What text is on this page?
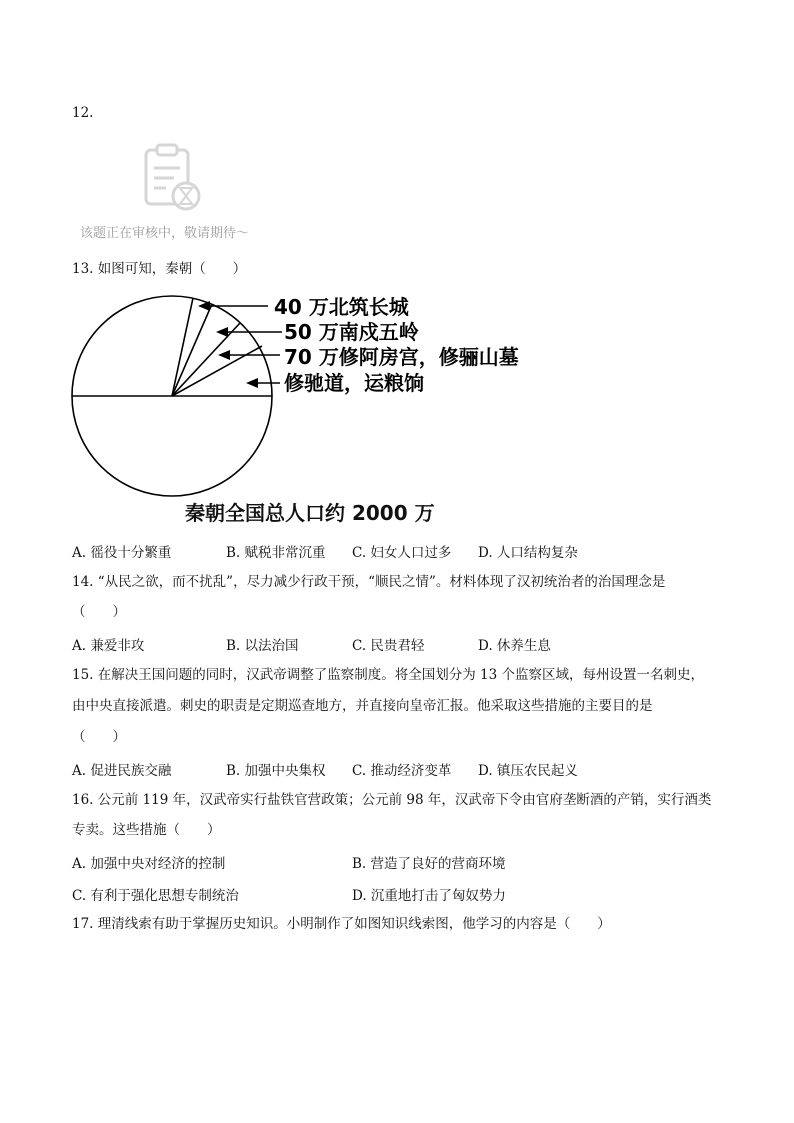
12.
该题正在审核中，敬请期待～
13. 如图可知，秦朝（　　）
40 万北筑长城
50 万南戍五岭
70 万修阿房宫，修骊山墓
修驰道，运粮饷
秦朝全国总人口约 2000 万
A. 徭役十分繁重	B. 赋税非常沉重 C. 妇女人口过多 D. 人口结构复杂
14. “从民之欲，而不扰乱”，尽力减少行政干预，“顺民之情”。材料体现了汉初统治者的治国理念是
（　　）
A. 兼爱非攻	B. 以法治国	C. 民贵君轻	D. 休养生息
15. 在解决王国问题的同时，汉武帝调整了监察制度。将全国划分为 13 个监察区域，每州设置一名刺史，
由中央直接派遣。刺史的职责是定期巡查地方，并直接向皇帝汇报。他采取这些措施的主要目的是
（　　）
A. 促进民族交融	B. 加强中央集权 C. 推动经济变革 D. 镇压农民起义
16. 公元前 119 年，汉武帝实行盐铁官营政策；公元前 98 年，汉武帝下令由官府垄断酒的产销，实行酒类
专卖。这些措施（　　）
A. 加强中央对经济的控制	B. 营造了良好的营商环境
C. 有利于强化思想专制统治	D. 沉重地打击了匈奴势力
17. 理清线索有助于掌握历史知识。小明制作了如图知识线索图，他学习的内容是（　　）
